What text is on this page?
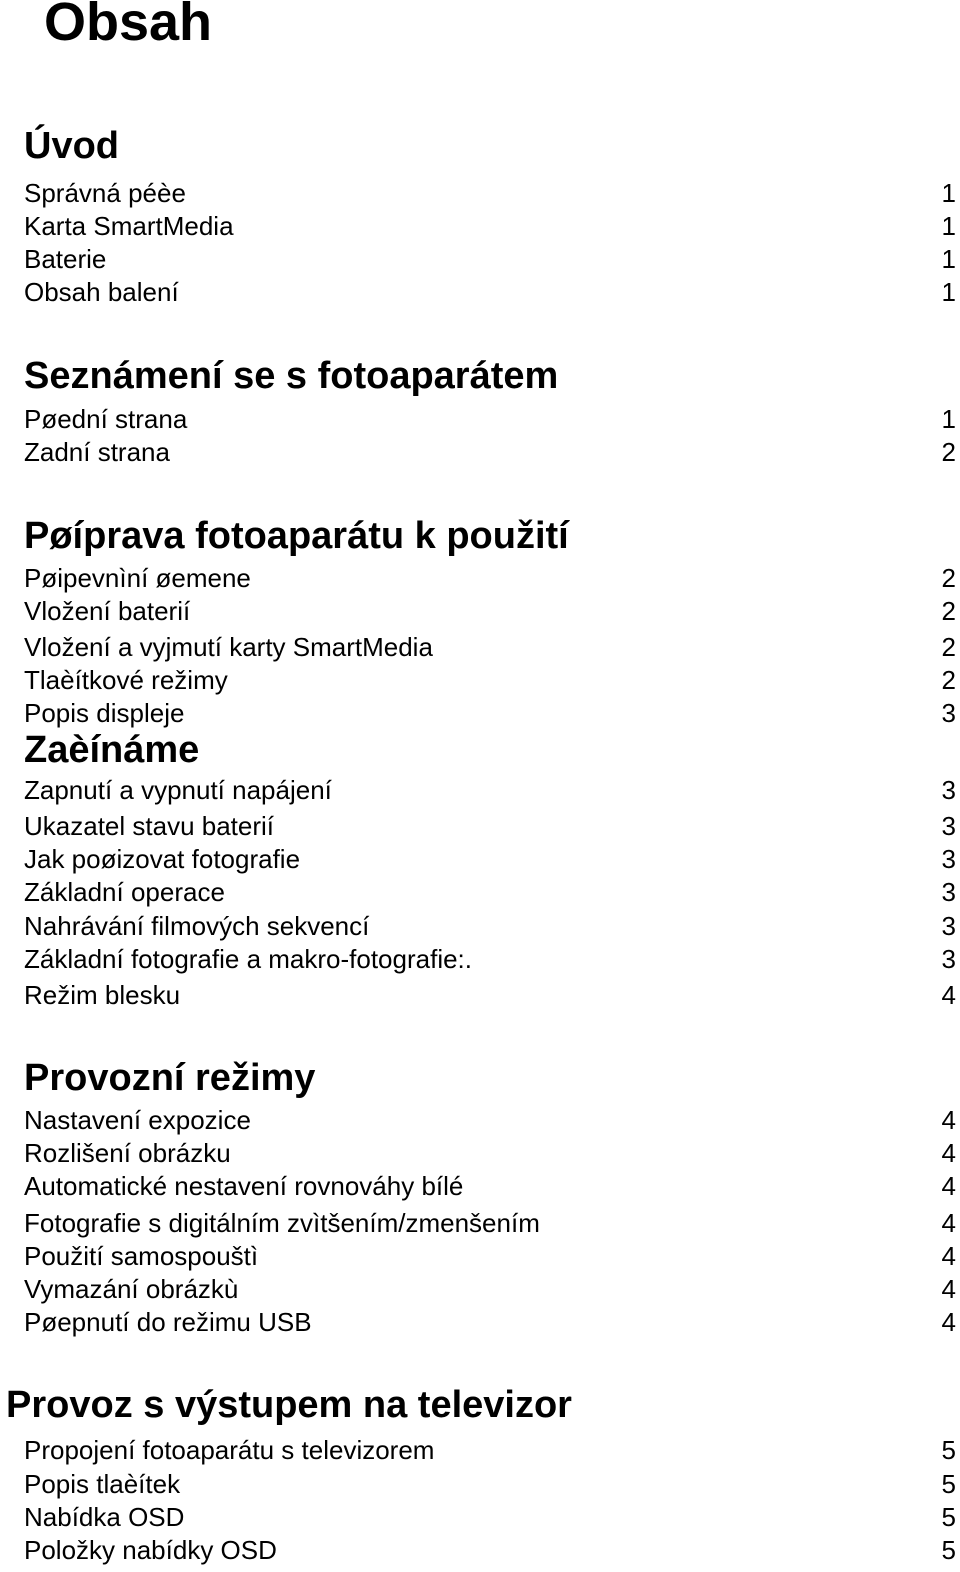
Obsah
Úvod
Správná péèe	1
Karta SmartMedia	1
Baterie	1
Obsah balení	1
Seznámení se s fotoaparátem
Pøední strana	1
Zadní strana	2
Pøíprava fotoaparátu k použití
Pøipevnìní øemene	2
Vložení baterií	2
Vložení a vyjmutí karty SmartMedia	2
Tlaèítkové režimy	2
Popis displeje	3
Zaèínáme
Zapnutí a vypnutí napájení	3
Ukazatel stavu baterií	3
Jak poøizovat fotografie	3
Základní operace	3
Nahrávání filmových sekvencí	3
Základní fotografie a makro-fotografie:.	3
Režim blesku	4
Provozní režimy
Nastavení expozice	4
Rozlišení obrázku	4
Automatické nestavení rovnováhy bílé	4
Fotografie s digitálním zvìtšením/zmenšením	4
Použití samospouštì	4
Vymazání obrázkù	4
Pøepnutí do režimu USB	4
Provoz s výstupem na televizor
Propojení fotoaparátu s televizorem	5
Popis tlaèítek	5
Nabídka OSD	5
Položky nabídky OSD	5
